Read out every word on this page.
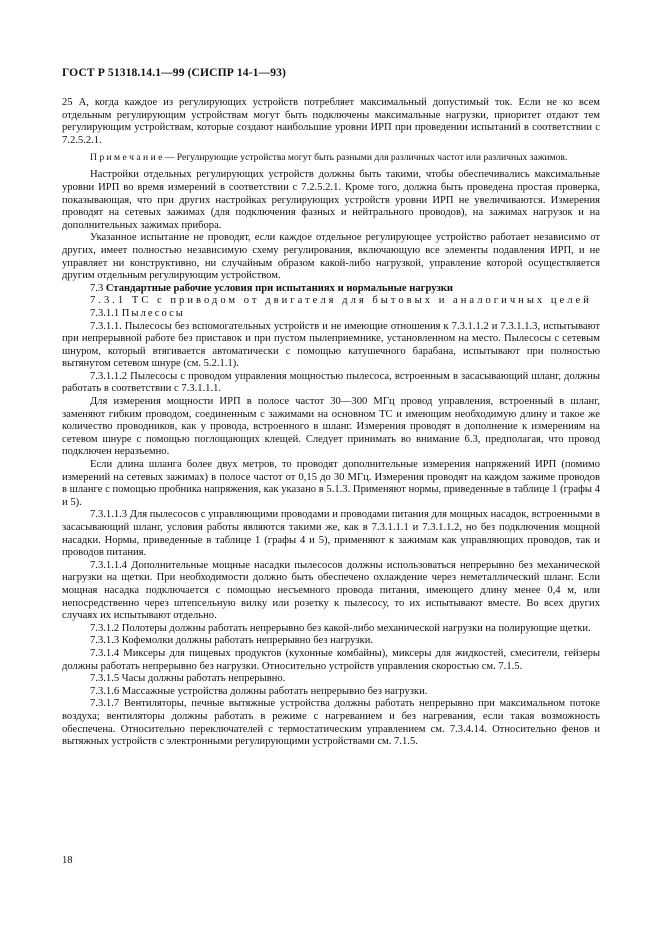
ГОСТ Р 51318.14.1—99 (СИСПР 14-1—93)

25 А, когда каждое из регулирующих устройств потребляет максимальный допустимый ток. Если не ко всем отдельным регулирующим устройствам могут быть подключены максимальные нагрузки, приоритет отдают тем регулирующим устройствам, которые создают наибольшие уровни ИРП при проведении испытаний в соответствии с 7.2.5.2.1.

П р и м е ч а н и е — Регулирующие устройства могут быть разными для различных частот или различных зажимов.

Настройки отдельных регулирующих устройств должны быть такими, чтобы обеспечивались максимальные уровни ИРП во время измерений в соответствии с 7.2.5.2.1. Кроме того, должна быть проведена простая проверка, показывающая, что при других настройках регулирующих устройств уровни ИРП не увеличиваются. Измерения проводят на сетевых зажимах (для подключения фазных и нейтрального проводов), на зажимах нагрузок и на дополнительных зажимах прибора.

Указанное испытание не проводят, если каждое отдельное регулирующее устройство работает независимо от других, имеет полностью независимую схему регулирования, включающую все элементы подавления ИРП, и не управляет ни конструктивно, ни случайным образом какой-либо нагрузкой, управление которой осуществляется другим отдельным регулирующим устройством.

7.3 Стандартные рабочие условия при испытаниях и нормальные нагрузки

7.3.1 ТС с приводом от двигателя для бытовых и аналогичных целей

7.3.1.1 Пылесосы

7.3.1.1. Пылесосы без вспомогательных устройств и не имеющие отношения к 7.3.1.1.2 и 7.3.1.1.3, испытывают при непрерывной работе без приставок и при пустом пылеприемнике, установленном на место. Пылесосы с сетевым шнуром, который втягивается автоматически с помощью катушечного барабана, испытывают при полностью вытянутом сетевом шнуре (см. 5.2.1.1).

7.3.1.1.2 Пылесосы с проводом управления мощностью пылесоса, встроенным в засасывающий шланг, должны работать в соответствии с 7.3.1.1.1.

Для измерения мощности ИРП в полосе частот 30—300 МГц провод управления, встроенный в шланг, заменяют гибким проводом, соединенным с зажимами на основном ТС и имеющим необходимую длину и такое же количество проводников, как у провода, встроенного в шланг. Измерения проводят в дополнение к измерениям на сетевом шнуре с помощью поглощающих клещей. Следует принимать во внимание 6.3, предполагая, что провод подключен неразъемно.

Если длина шланга более двух метров, то проводят дополнительные измерения напряжений ИРП (помимо измерений на сетевых зажимах) в полосе частот от 0,15 до 30 МГц. Измерения проводят на каждом зажиме проводов в шланге с помощью пробника напряжения, как указано в 5.1.3. Применяют нормы, приведенные в таблице 1 (графы 4 и 5).

7.3.1.1.3 Для пылесосов с управляющими проводами и проводами питания для мощных насадок, встроенными в засасывающий шланг, условия работы являются такими же, как в 7.3.1.1.1 и 7.3.1.1.2, но без подключения мощной насадки. Нормы, приведенные в таблице 1 (графы 4 и 5), применяют к зажимам как управляющих проводов, так и проводов питания.

7.3.1.1.4 Дополнительные мощные насадки пылесосов должны использоваться непрерывно без механической нагрузки на щетки. При необходимости должно быть обеспечено охлаждение через неметаллический шланг. Если мощная насадка подключается с помощью несъемного провода питания, имеющего длину менее 0,4 м, или непосредственно через штепсельную вилку или розетку к пылесосу, то их испытывают вместе. Во всех других случаях их испытывают отдельно.

7.3.1.2 Полотеры должны работать непрерывно без какой-либо механической нагрузки на полирующие щетки.

7.3.1.3 Кофемолки должны работать непрерывно без нагрузки.

7.3.1.4 Миксеры для пищевых продуктов (кухонные комбайны), миксеры для жидкостей, смесители, гейзеры должны работать непрерывно без нагрузки. Относительно устройств управления скоростью см. 7.1.5.

7.3.1.5 Часы должны работать непрерывно.

7.3.1.6 Массажные устройства должны работать непрерывно без нагрузки.

7.3.1.7 Вентиляторы, печные вытяжные устройства должны работать непрерывно при максимальном потоке воздуха; вентиляторы должны работать в режиме с нагреванием и без нагревания, если такая возможность обеспечена. Относительно переключателей с термостатическим управлением см. 7.3.4.14. Относительно фенов и вытяжных устройств с электронными регулирующими устройствами см. 7.1.5.

18
